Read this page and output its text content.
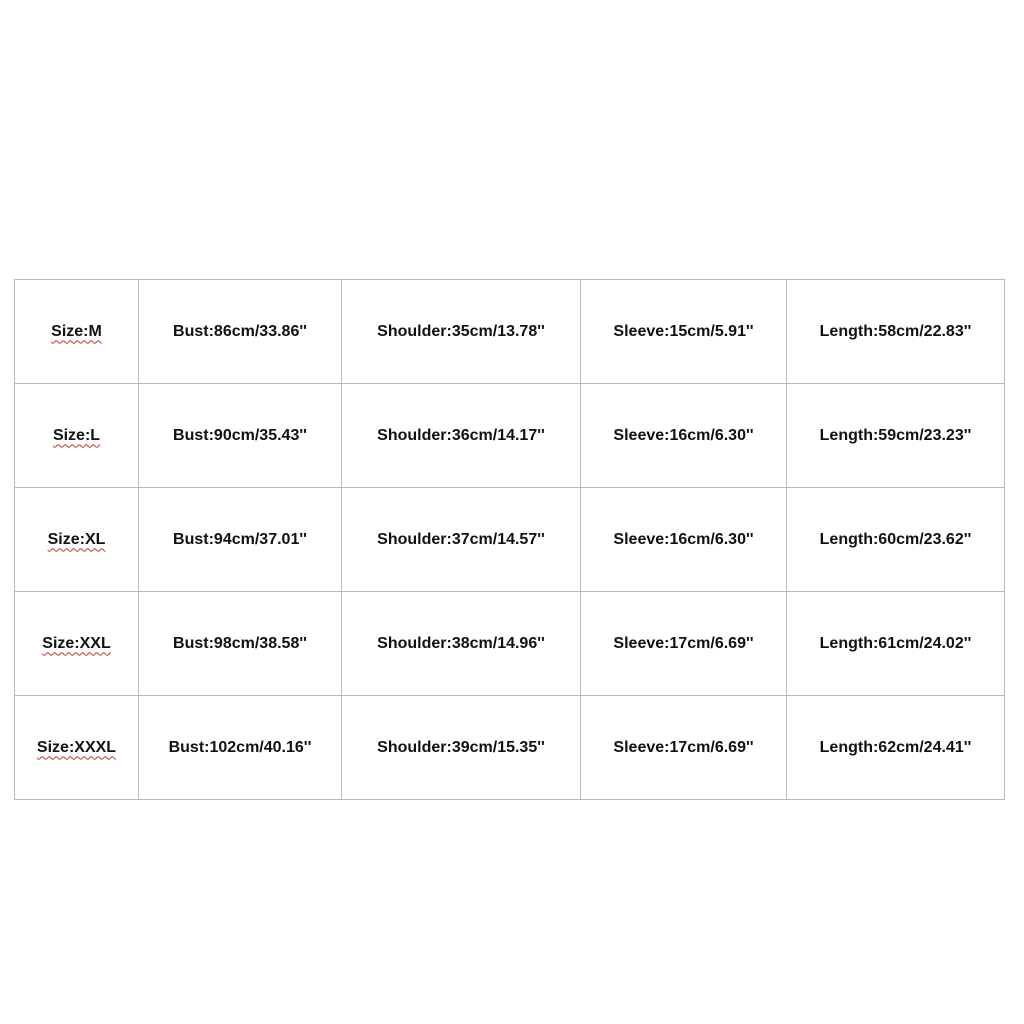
Size:M	Bust:86cm/33.86''	Shoulder:35cm/13.78''	Sleeve:15cm/5.91''	Length:58cm/22.83''
Size:L	Bust:90cm/35.43''	Shoulder:36cm/14.17''	Sleeve:16cm/6.30''	Length:59cm/23.23''
Size:XL	Bust:94cm/37.01''	Shoulder:37cm/14.57''	Sleeve:16cm/6.30''	Length:60cm/23.62''
Size:XXL	Bust:98cm/38.58''	Shoulder:38cm/14.96''	Sleeve:17cm/6.69''	Length:61cm/24.02''
Size:XXXL	Bust:102cm/40.16''	Shoulder:39cm/15.35''	Sleeve:17cm/6.69''	Length:62cm/24.41''
